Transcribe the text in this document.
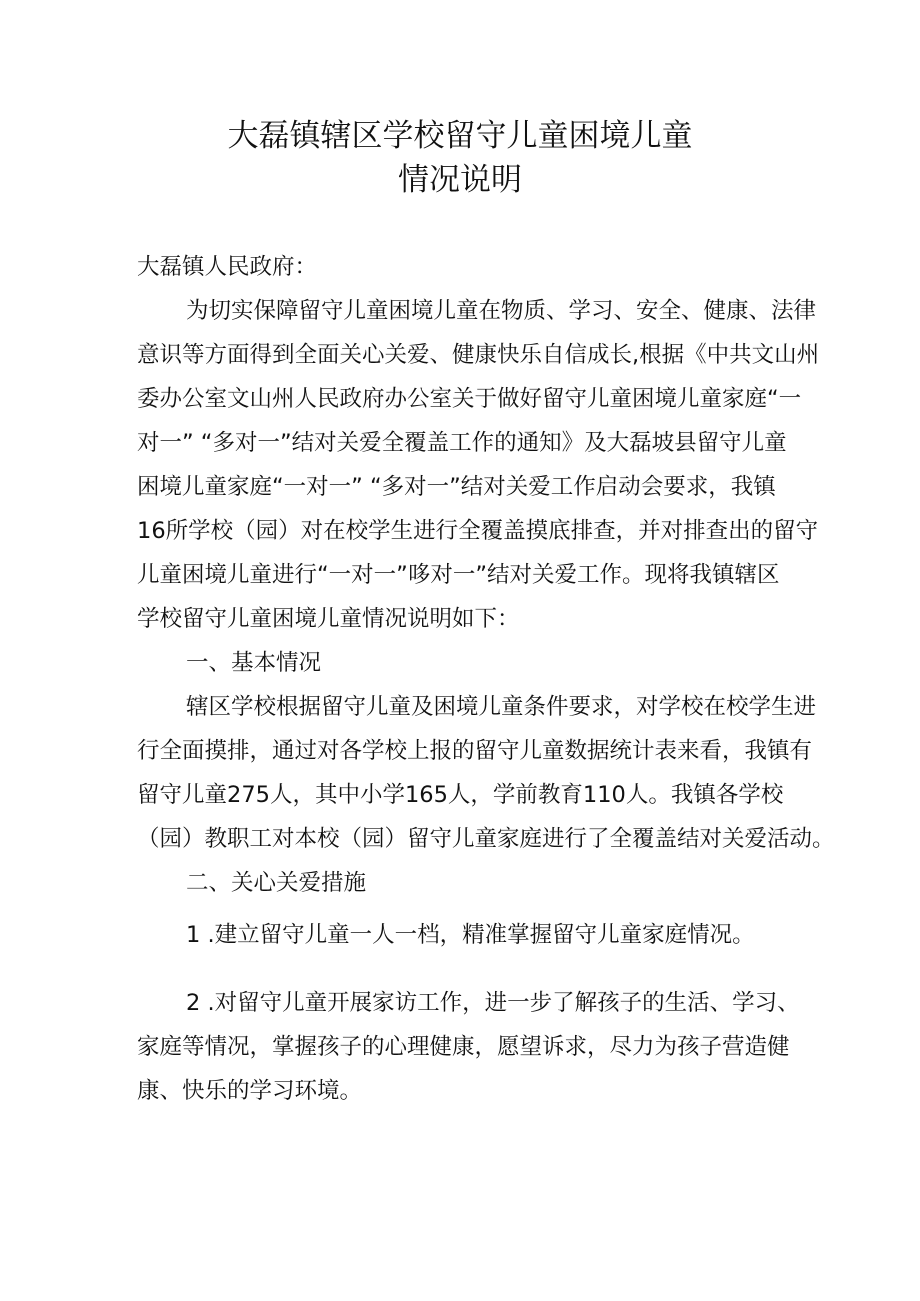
大磊镇辖区学校留守儿童困境儿童
情况说明
大磊镇人民政府：
为切实保障留守儿童困境儿童在物质、学习、安全、健康、法律
意识等方面得到全面关心关爱、健康快乐自信成长,根据《中共文山州
委办公室文山州人民政府办公室关于做好留守儿童困境儿童家庭“一
对一” “多对一”结对关爱全覆盖工作的通知》及大磊坡县留守儿童
困境儿童家庭“一对一” “多对一”结对关爱工作启动会要求，我镇
16所学校（园）对在校学生进行全覆盖摸底排查，并对排查出的留守
儿童困境儿童进行“一对一”哆对一”结对关爱工作。现将我镇辖区
学校留守儿童困境儿童情况说明如下：
一、基本情况
辖区学校根据留守儿童及困境儿童条件要求，对学校在校学生进
行全面摸排，通过对各学校上报的留守儿童数据统计表来看，我镇有
留守儿童275人，其中小学165人，学前教育110人。我镇各学校
（园）教职工对本校（园）留守儿童家庭进行了全覆盖结对关爱活动。
二、关心关爱措施
1 .建立留守儿童一人一档，精准掌握留守儿童家庭情况。
2 .对留守儿童开展家访工作，进一步了解孩子的生活、学习、
家庭等情况，掌握孩子的心理健康，愿望诉求，尽力为孩子营造健
康、快乐的学习环境。
